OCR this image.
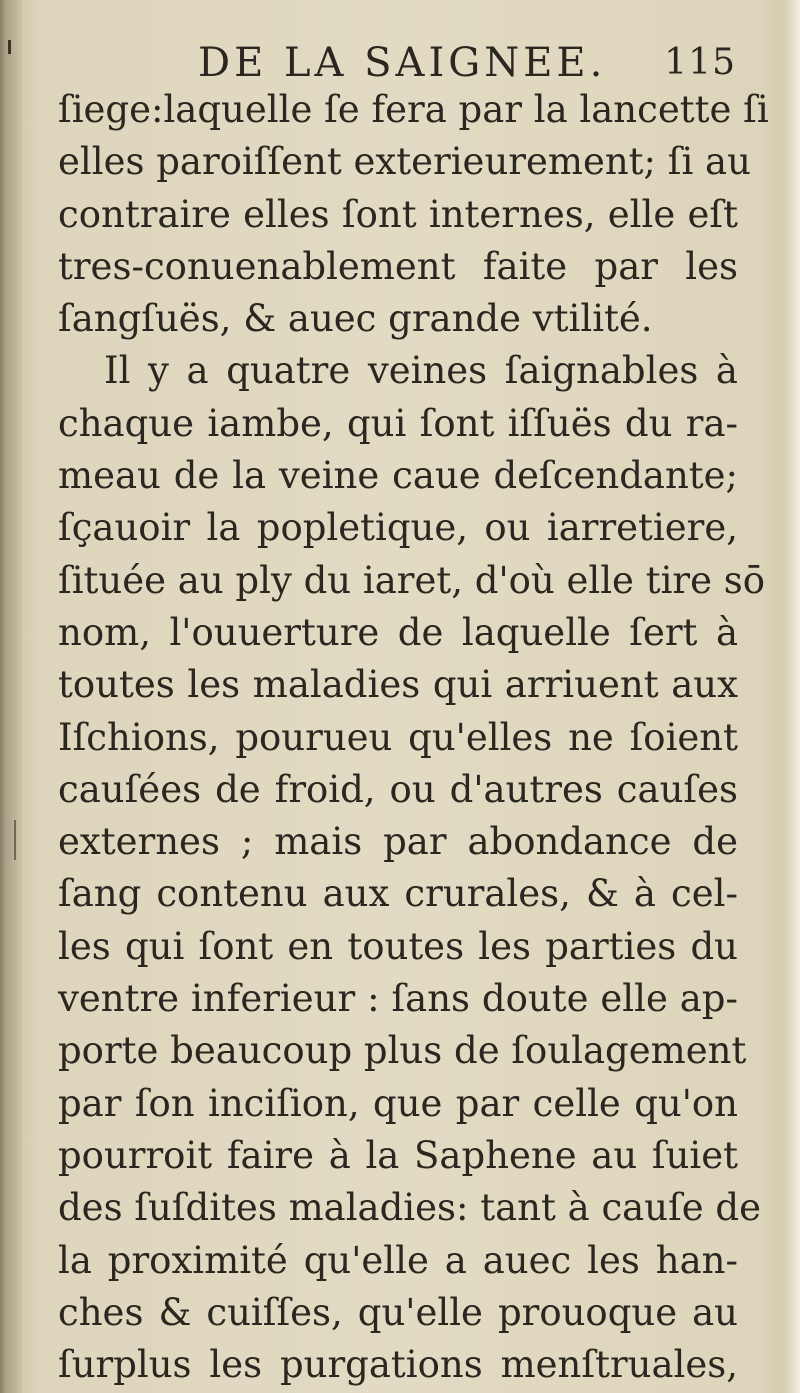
DE LA SAIGNEE. 115
ſiege:laquelle ſe fera par la lancette ſi
elles paroiſſent exterieurement; ſi au
contraire elles ſont internes, elle eſt
tres-conuenablement faite par les
ſangſuës, & auec grande vtilité.
Il y a quatre veines ſaignables à
chaque iambe, qui ſont iſſuës du ra-
meau de la veine caue deſcendante;
ſçauoir la popletique, ou iarretiere,
ſituée au ply du iaret, d'où elle tire sō
nom, l'ouuerture de laquelle ſert à
toutes les maladies qui arriuent aux
Iſchions, pourueu qu'elles ne ſoient
cauſées de froid, ou d'autres cauſes
externes ; mais par abondance de
ſang contenu aux crurales, & à cel-
les qui ſont en toutes les parties du
ventre inferieur : ſans doute elle ap-
porte beaucoup plus de ſoulagement
par ſon inciſion, que par celle qu'on
pourroit faire à la Saphene au ſuiet
des ſuſdites maladies: tant à cauſe de
la proximité qu'elle a auec les han-
ches & cuiſſes, qu'elle prouoque au
ſurplus les purgations menſtruales,
